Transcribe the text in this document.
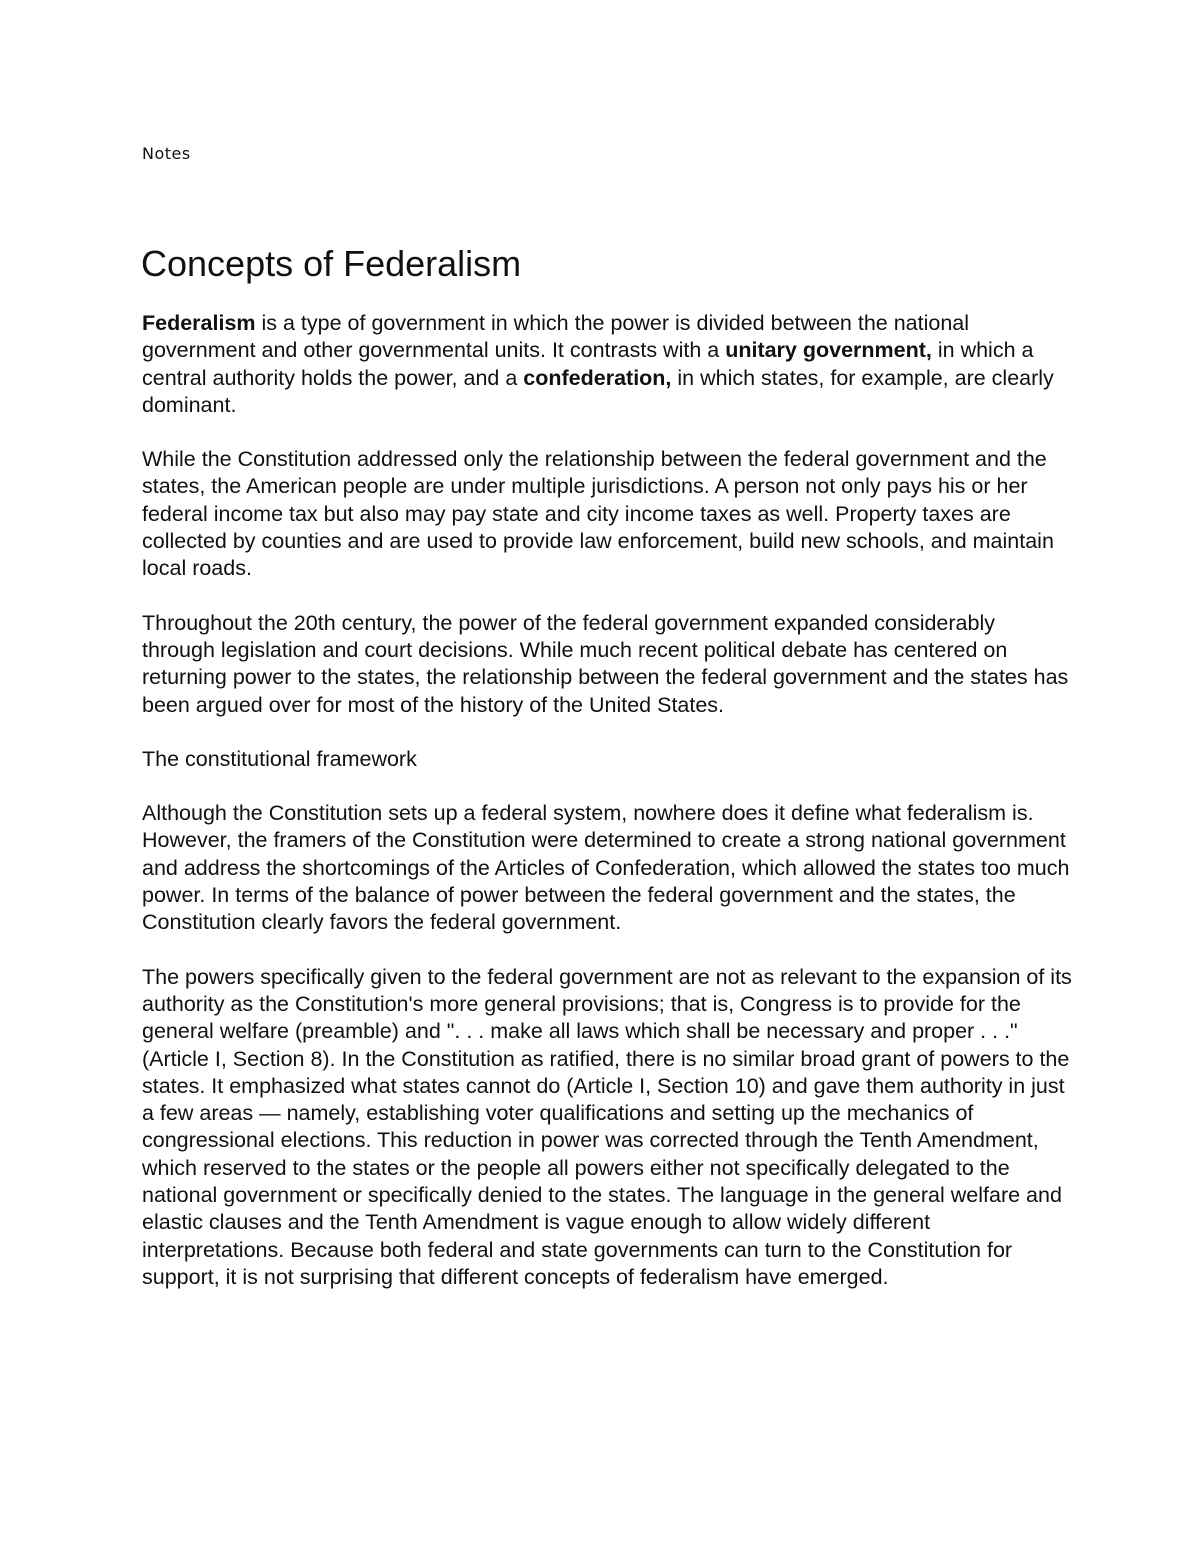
Notes
Concepts of Federalism

Federalism is a type of government in which the power is divided between the national government and other governmental units. It contrasts with a unitary government, in which a central authority holds the power, and a confederation, in which states, for example, are clearly dominant.

While the Constitution addressed only the relationship between the federal government and the states, the American people are under multiple jurisdictions. A person not only pays his or her federal income tax but also may pay state and city income taxes as well. Property taxes are collected by counties and are used to provide law enforcement, build new schools, and maintain local roads.

Throughout the 20th century, the power of the federal government expanded considerably through legislation and court decisions. While much recent political debate has centered on returning power to the states, the relationship between the federal government and the states has been argued over for most of the history of the United States.

The constitutional framework

Although the Constitution sets up a federal system, nowhere does it define what federalism is. However, the framers of the Constitution were determined to create a strong national government and address the shortcomings of the Articles of Confederation, which allowed the states too much power. In terms of the balance of power between the federal government and the states, the Constitution clearly favors the federal government.

The powers specifically given to the federal government are not as relevant to the expansion of its authority as the Constitution's more general provisions; that is, Congress is to provide for the general welfare (preamble) and ". . . make all laws which shall be necessary and proper . . ." (Article I, Section 8). In the Constitution as ratified, there is no similar broad grant of powers to the states. It emphasized what states cannot do (Article I, Section 10) and gave them authority in just a few areas — namely, establishing voter qualifications and setting up the mechanics of congressional elections. This reduction in power was corrected through the Tenth Amendment, which reserved to the states or the people all powers either not specifically delegated to the national government or specifically denied to the states. The language in the general welfare and elastic clauses and the Tenth Amendment is vague enough to allow widely different interpretations. Because both federal and state governments can turn to the Constitution for support, it is not surprising that different concepts of federalism have emerged.
